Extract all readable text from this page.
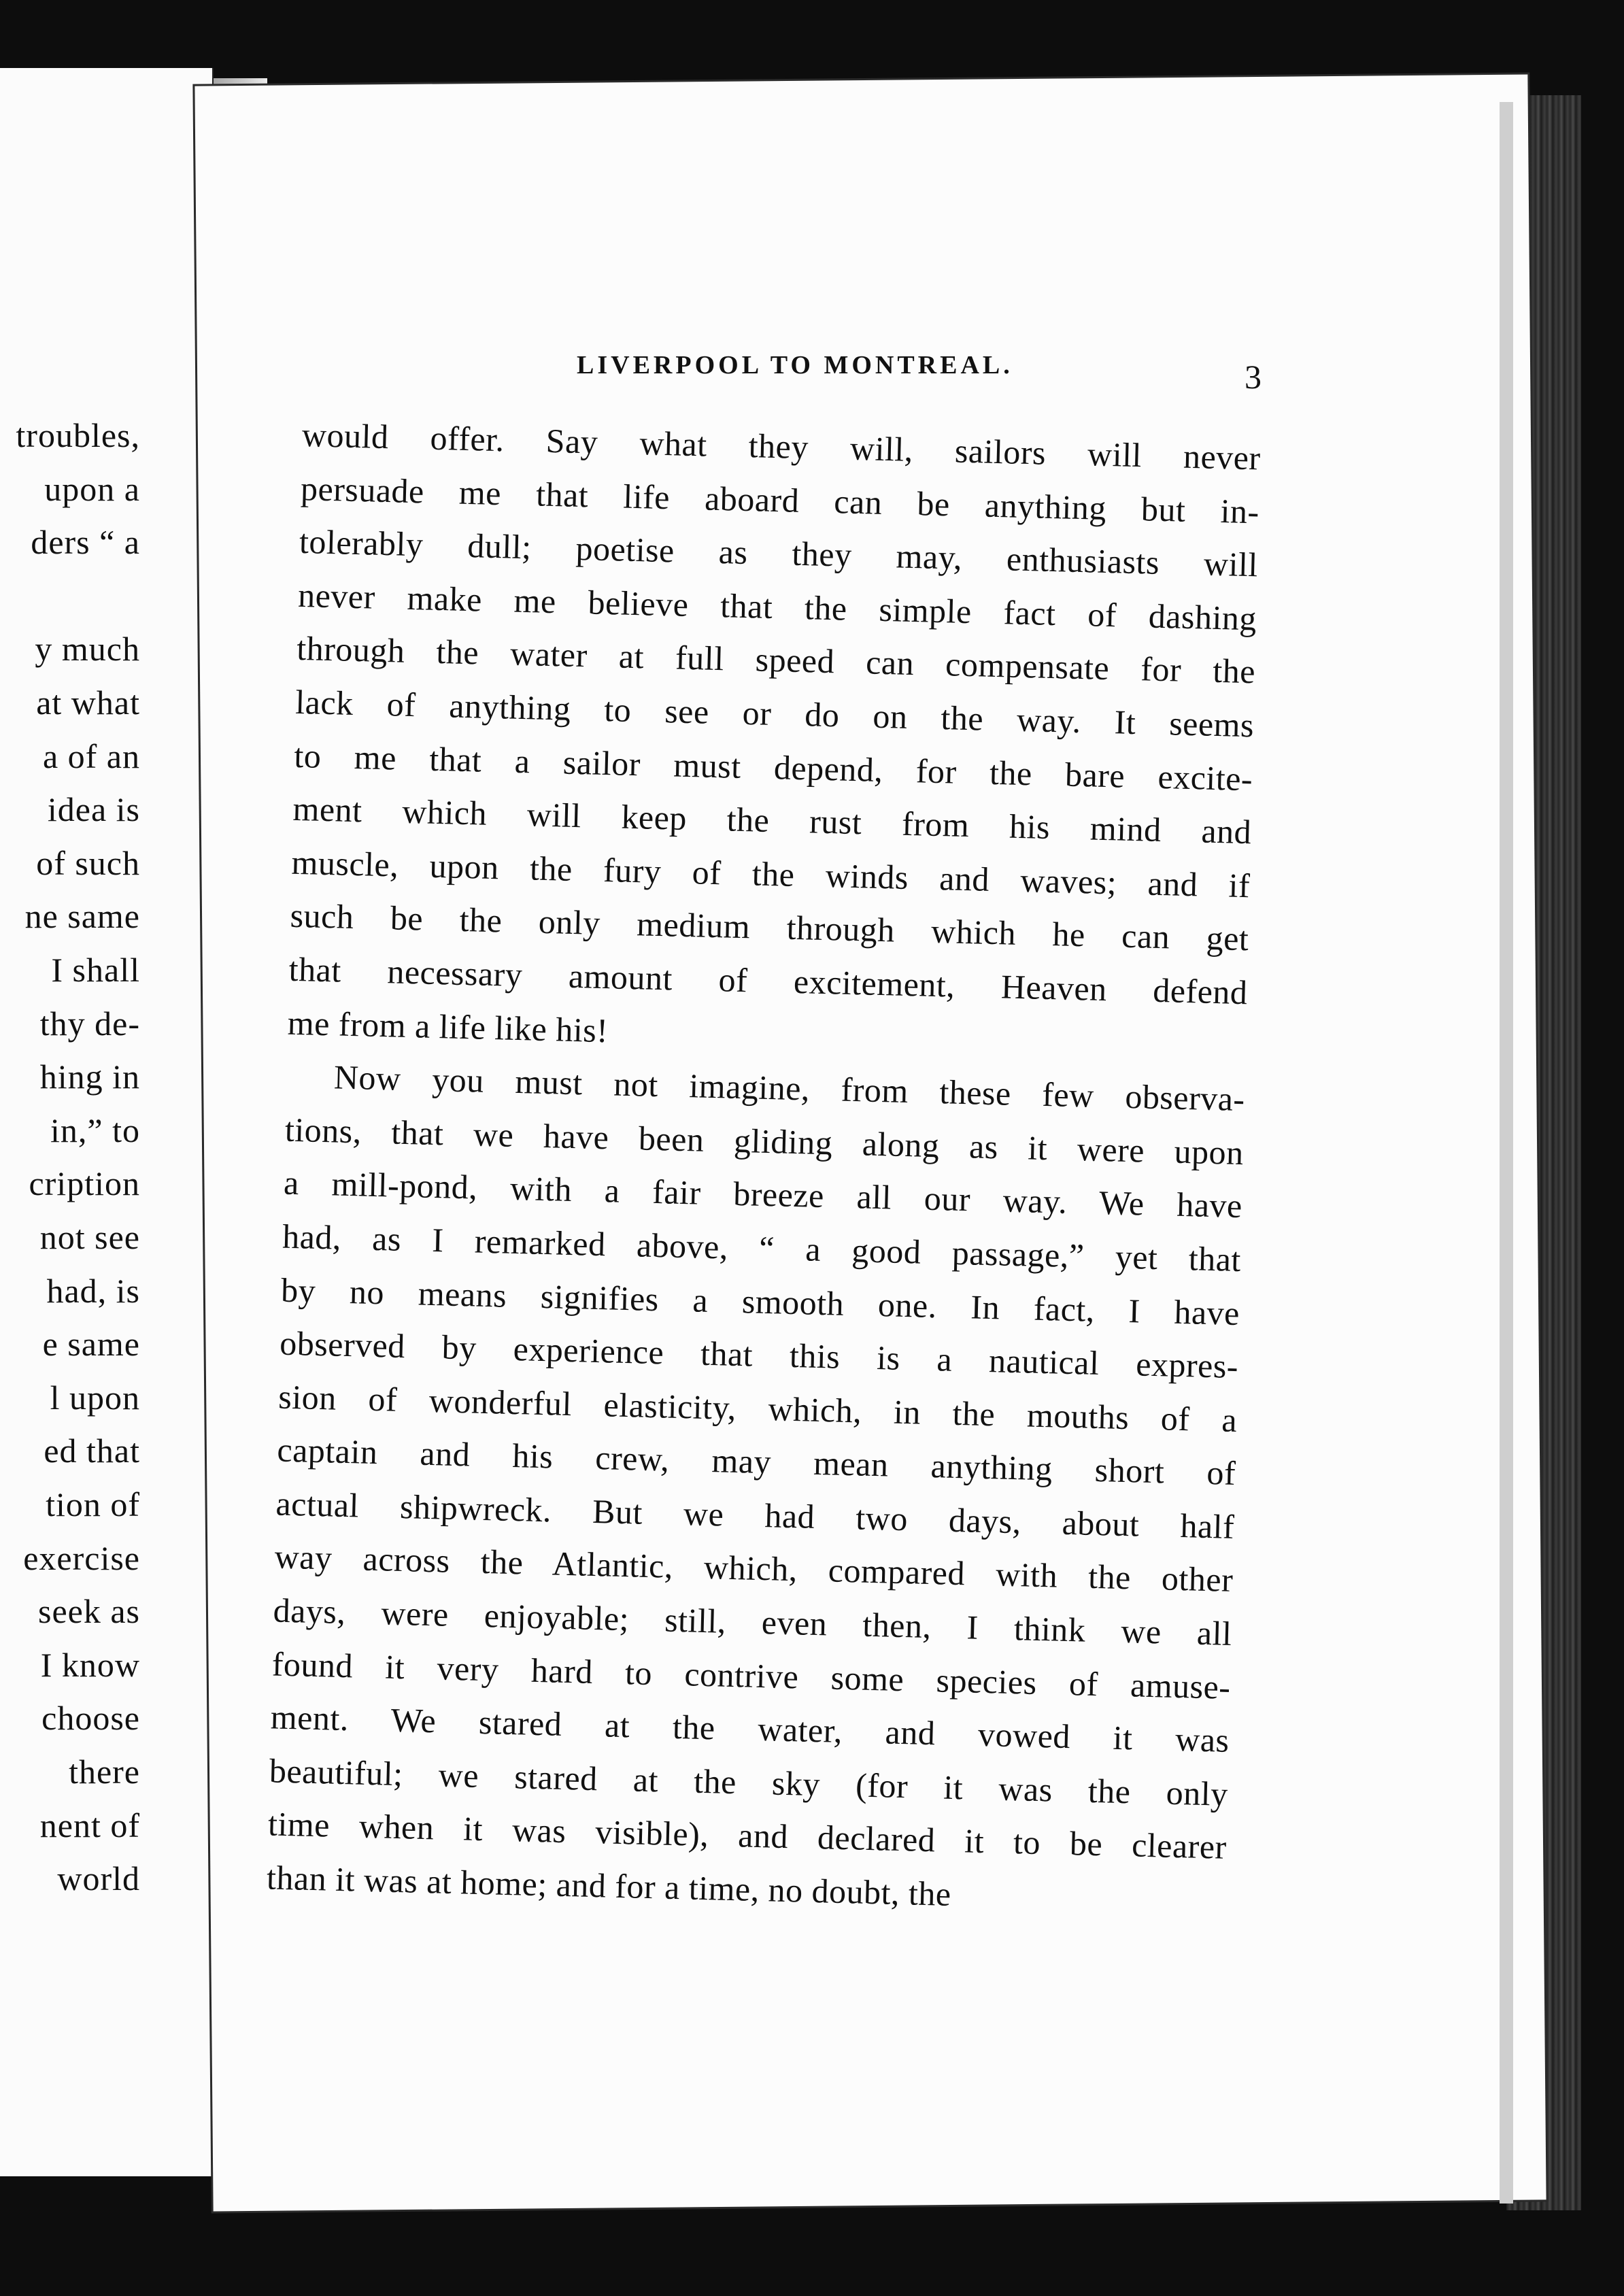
troubles,
upon a
ders “ a
y much
at what
a of an
idea is
of such
ne same
I shall
thy de-
hing in
in,” to
cription
not see
had, is
e same
l upon
ed that
tion of
exercise
seek as
I know
choose
there
nent of
world
LIVERPOOL TO MONTREAL.	3
would offer. Say what they will, sailors will never
persuade me that life aboard can be anything but in-
tolerably dull; poetise as they may, enthusiasts will
never make me believe that the simple fact of dashing
through the water at full speed can compensate for the
lack of anything to see or do on the way. It seems
to me that a sailor must depend, for the bare excite-
ment which will keep the rust from his mind and
muscle, upon the fury of the winds and waves; and if
such be the only medium through which he can get
that necessary amount of excitement, Heaven defend
me from a life like his!
Now you must not imagine, from these few observa-
tions, that we have been gliding along as it were upon
a mill-pond, with a fair breeze all our way. We have
had, as I remarked above, “ a good passage,” yet that
by no means signifies a smooth one. In fact, I have
observed by experience that this is a nautical expres-
sion of wonderful elasticity, which, in the mouths of a
captain and his crew, may mean anything short of
actual shipwreck. But we had two days, about half
way across the Atlantic, which, compared with the other
days, were enjoyable; still, even then, I think we all
found it very hard to contrive some species of amuse-
ment. We stared at the water, and vowed it was
beautiful; we stared at the sky (for it was the only
time when it was visible), and declared it to be clearer
than it was at home; and for a time, no doubt, the
